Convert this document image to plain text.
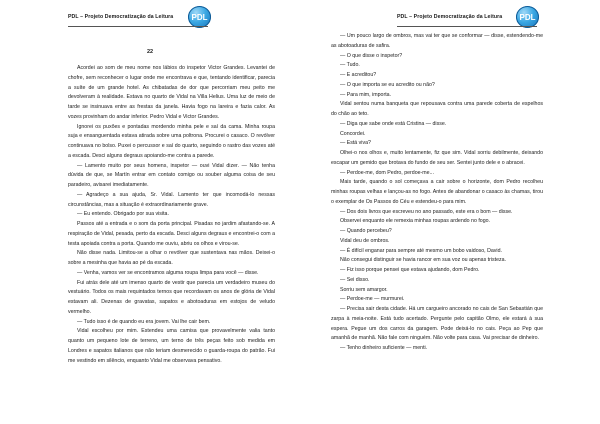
PDL – Projeto Democratização da Leitura	PDL
22

Acordei ao som de meu nome nos lábios do inspetor Victor Grandes. Levantei de chofre, sem reconhecer o lugar onde me encontrava e que, tentando identificar, parecia a suíte de um grande hotel. As chibatadas de dor que percorriam meu peito me devolveram à realidade. Estava no quarto de Vidal na Villa Helius. Uma luz de meio de tarde se insinuava entre as frestas da janela. Havia fogo na lareira e fazia calor. As vozes provinham do andar inferior. Pedro Vidal e Victor Grandes.

Ignorei os puxões e pontadas mordendo minha pele e saí da cama. Minha roupa suja e ensanguentada estava atirada sobre uma poltrona. Procurei o casaco. O revólver continuava no bolso. Puxei o percussor e saí do quarto, seguindo o rastro das vozes até a escada. Desci alguns degraus apoiando-me contra a parede.

— Lamento muito por seus homens, inspetor — ouvi Vidal dizer. — Não tenha dúvida de que, se Martín entrar em contato comigo ou souber alguma coisa de seu paradeiro, avisarei imediatamente.

— Agradeço a sua ajuda, Sr. Vidal. Lamento ter que incomodá-lo nessas circunstâncias, mas a situação é extraordinariamente grave.

— Eu entendo. Obrigado por sua visita.

Passos até a entrada e o som da porta principal. Pisadas no jardim afastando-se. A respiração de Vidal, pesada, perto da escada. Desci alguns degraus e encontrei-o com a testa apoiada contra a porta. Quando me ouviu, abriu os olhos e virou-se.

Não disse nada. Limitou-se a olhar o revólver que sustentava nas mãos. Deixei-o sobre a mesinha que havia ao pé da escada.

— Venha, vamos ver se encontramos alguma roupa limpa para você — disse.

Fui atrás dele até um imenso quarto de vestir que parecia um verdadeiro museu do vestuário. Todos os mais requintados ternos que recordavam os anos de glória de Vidal estavam ali. Dezenas de gravatas, sapatos e abotoaduras em estojos de veludo vermelho.

— Tudo isso é de quando eu era jovem. Vai lhe cair bem.

Vidal escolheu por mim. Estendeu uma camisa que provavelmente valia tanto quanto um pequeno lote de terreno, um terno de três peças feito sob medida em Londres e sapatos italianos que não teriam desmerecido o guarda-roupa do patrão. Fui me vestindo em silêncio, enquanto Vidal me observava pensativo.

PDL – Projeto Democratização da Leitura	PDL

— Um pouco largo de ombros, mas vai ter que se conformar — disse, estendendo-me as abotoaduras de safira.

— O que disse o inspetor?

— Tudo.

— E acreditou?

— O que importa se eu acredito ou não?

— Para mim, importa.

Vidal sentou numa banqueta que repousava contra uma parede coberta de espelhos do chão ao teto.

— Diga que sabe onde está Cristina — disse.

Concordei.

— Está viva?

Olhei-o nos olhos e, muito lentamente, fiz que sim. Vidal sorriu debilmente, deixando escapar um gemido que brotava do fundo de seu ser. Sentei junto dele e o abracei.

— Perdoe-me, dom Pedro, perdoe-me...

Mais tarde, quando o sol começava a cair sobre o horizonte, dom Pedro recolheu minhas roupas velhas e lançou-as no fogo. Antes de abandonar o casaco às chamas, tirou o exemplar de Os Passos do Céu e estendeu-o para mim.

— Dos dois livros que escreveu no ano passado, este era o bom — disse.

Observei enquanto ele remexia minhas roupas ardendo no fogo.

— Quando percebeu?

Vidal deu de ombros.

— É difícil enganar para sempre até mesmo um bobo vaidoso, David.

Não consegui distinguir se havia rancor em sua voz ou apenas tristeza.

— Fiz isso porque pensei que estava ajudando, dom Pedro.

— Sei disso.

Sorriu sem amargor.

— Perdoe-me — murmurei.

— Precisa sair desta cidade. Há um cargueiro ancorado no cais de San Sebastián que zarpa à meia-noite. Está tudo acertado. Pergunte pelo capitão Olmo, ele estará à sua espera. Pegue um dos carros da garagem. Pode deixá-lo no cais. Peça ao Pep que amanhã de manhã. Não fale com ninguém. Não volte para casa. Vai precisar de dinheiro.

— Tenho dinheiro suficiente — menti.
